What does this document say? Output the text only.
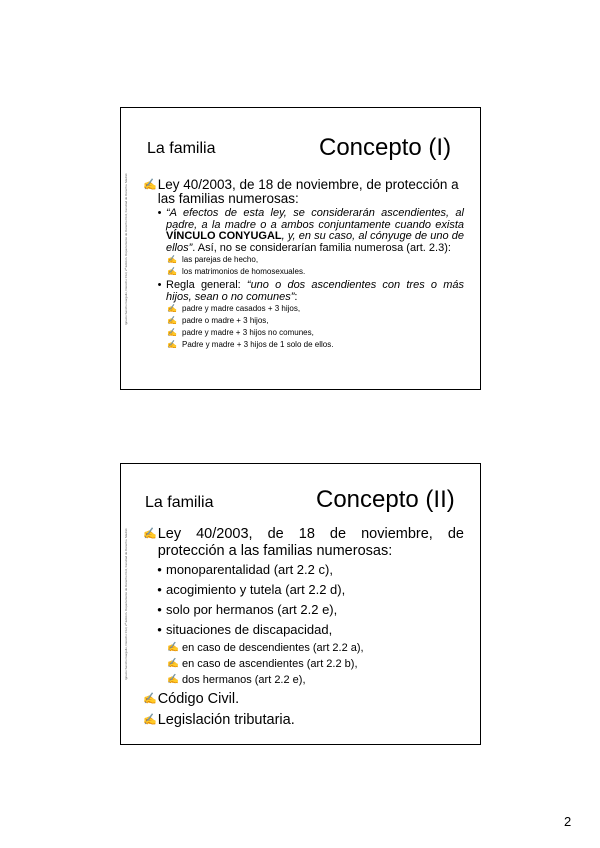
Ignacio Sancho Gargallo, Derecho Civil, 2ª Edición. Departamento de Derecho Civil, Facultad de Derecho. Madrid.
La familia	Concepto (I)
✍ Ley 40/2003, de 18 de noviembre, de protección a las familias numerosas:
• “A efectos de esta ley, se considerarán ascendientes, al padre, a la madre o a ambos conjuntamente cuando exista VÍNCULO CONYUGAL, y, en su caso, al cónyuge de uno de ellos”. Así, no se considerarían familia numerosa (art. 2.3):
✍ las parejas de hecho,
✍ los matrimonios de homosexuales.
• Regla general: “uno o dos ascendientes con tres o más hijos, sean o no comunes”:
✍ padre y madre casados + 3 hijos,
✍ padre o madre + 3 hijos,
✍ padre y madre + 3 hijos no comunes,
✍ Padre y madre + 3 hijos de 1 solo de ellos.
Ignacio Sancho Gargallo, Derecho Civil, 2ª Edición. Departamento de Derecho Civil, Facultad de Derecho. Madrid.
La familia	Concepto (II)
✍ Ley 40/2003, de 18 de noviembre, de protección a las familias numerosas:
• monoparentalidad (art 2.2 c),
• acogimiento y tutela (art 2.2 d),
• solo por hermanos (art 2.2 e),
• situaciones de discapacidad,
✍ en caso de descendientes (art 2.2 a),
✍ en caso de ascendientes (art 2.2 b),
✍ dos hermanos (art 2.2 e),
✍ Código Civil.
✍ Legislación tributaria.
2
